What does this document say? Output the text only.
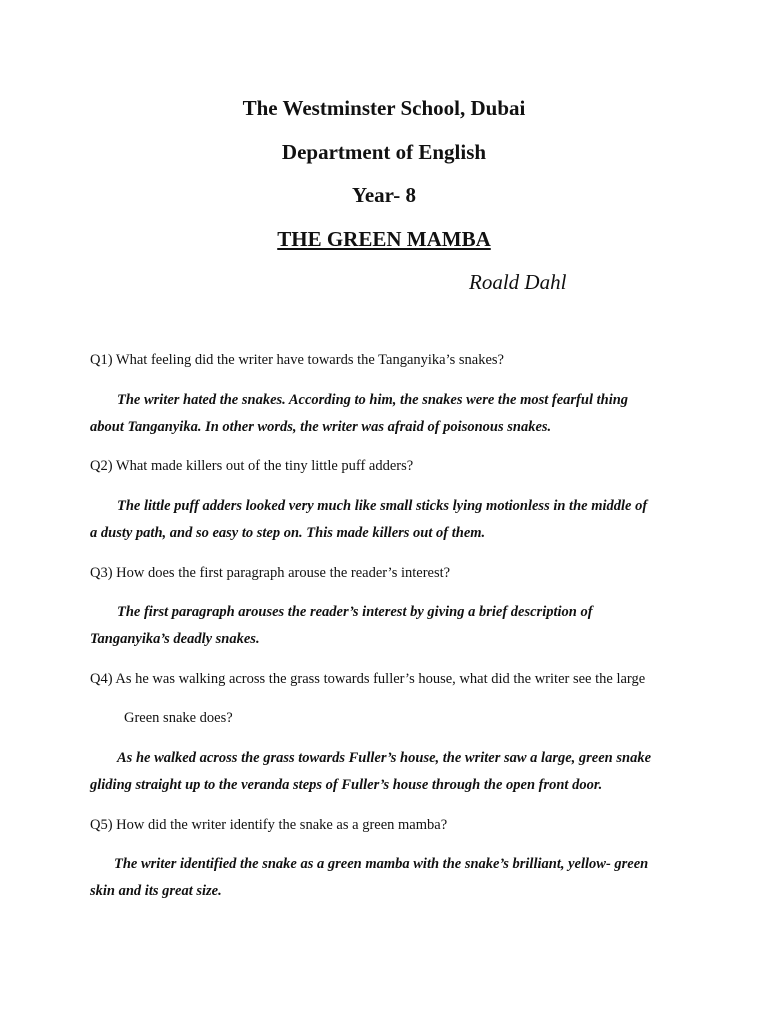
The Westminster School, Dubai
Department of English
Year- 8
THE GREEN MAMBA
Roald Dahl
Q1) What feeling did the writer have towards the Tanganyika’s snakes?
The writer hated the snakes. According to him, the snakes were the most fearful thing
about Tanganyika. In other words, the writer was afraid of poisonous snakes.
Q2) What made killers out of the tiny little puff adders?
The little puff adders looked very much like small sticks lying motionless in the middle of
a dusty path, and so easy to step on. This made killers out of them.
Q3) How does the first paragraph arouse the reader’s interest?
The first paragraph arouses the reader’s interest by giving a brief description of
Tanganyika’s deadly snakes.
Q4) As he was walking across the grass towards fuller’s house, what did the writer see the large
Green snake does?
As he walked across the grass towards Fuller’s house, the writer saw a large, green snake
gliding straight up to the veranda steps of Fuller’s house through the open front door.
Q5) How did the writer identify the snake as a green mamba?
The writer identified the snake as a green mamba with the snake’s brilliant, yellow- green
skin and its great size.
